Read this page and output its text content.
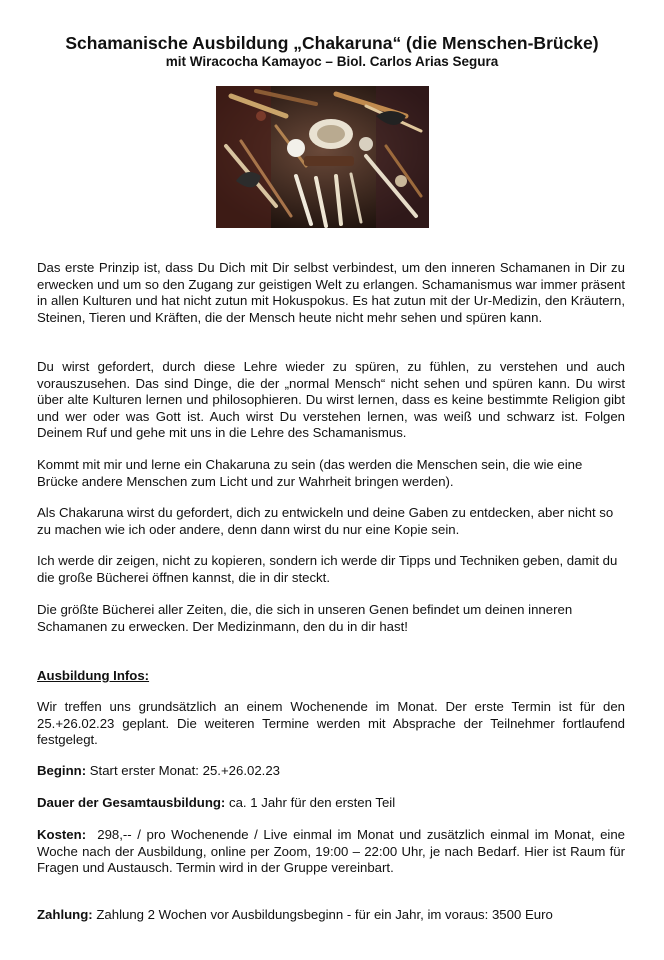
Schamanische Ausbildung „Chakaruna“ (die Menschen-Brücke)
mit Wiracocha Kamayoc – Biol. Carlos Arias Segura
Das erste Prinzip ist, dass Du Dich mit Dir selbst verbindest, um den inneren Schamanen in Dir zu erwecken und um so den Zugang zur geistigen Welt zu erlangen. Schamanismus war immer präsent in allen Kulturen und hat nicht zutun mit Hokuspokus. Es hat zutun mit der Ur-Medizin, den Kräutern, Steinen, Tieren und Kräften, die der Mensch heute nicht mehr sehen und spüren kann.
Du wirst gefordert, durch diese Lehre wieder zu spüren, zu fühlen, zu verstehen und auch vorauszusehen. Das sind Dinge, die der „normal Mensch“ nicht sehen und spüren kann. Du wirst über alte Kulturen lernen und philosophieren. Du wirst lernen, dass es keine bestimmte Religion gibt und wer oder was Gott ist. Auch wirst Du verstehen lernen, was weiß und schwarz ist. Folgen Deinem Ruf und gehe mit uns in die Lehre des Schamanismus.
Kommt mit mir und lerne ein Chakaruna zu sein (das werden die Menschen sein, die wie eine Brücke andere Menschen zum Licht und zur Wahrheit bringen werden).
Als Chakaruna wirst du gefordert, dich zu entwickeln und deine Gaben zu entdecken, aber nicht so zu machen wie ich oder andere, denn dann wirst du nur eine Kopie sein.
Ich werde dir zeigen, nicht zu kopieren, sondern ich werde dir Tipps und Techniken geben, damit du die große Bücherei öffnen kannst, die in dir steckt.
Die größte Bücherei aller Zeiten, die, die sich in unseren Genen befindet um deinen inneren Schamanen zu erwecken. Der Medizinmann, den du in dir hast!
Ausbildung Infos:
Wir treffen uns grundsätzlich an einem Wochenende im Monat. Der erste Termin ist für den 25.+26.02.23 geplant. Die weiteren Termine werden mit Absprache der Teilnehmer fortlaufend festgelegt.
Beginn: Start erster Monat: 25.+26.02.23
Dauer der Gesamtausbildung: ca. 1 Jahr für den ersten Teil
Kosten: 298,-- / pro Wochenende / Live einmal im Monat und zusätzlich einmal im Monat, eine Woche nach der Ausbildung, online per Zoom, 19:00 – 22:00 Uhr, je nach Bedarf. Hier ist Raum für Fragen und Austausch. Termin wird in der Gruppe vereinbart.
Zahlung: Zahlung 2 Wochen vor Ausbildungsbeginn - für ein Jahr, im voraus: 3500 Euro
